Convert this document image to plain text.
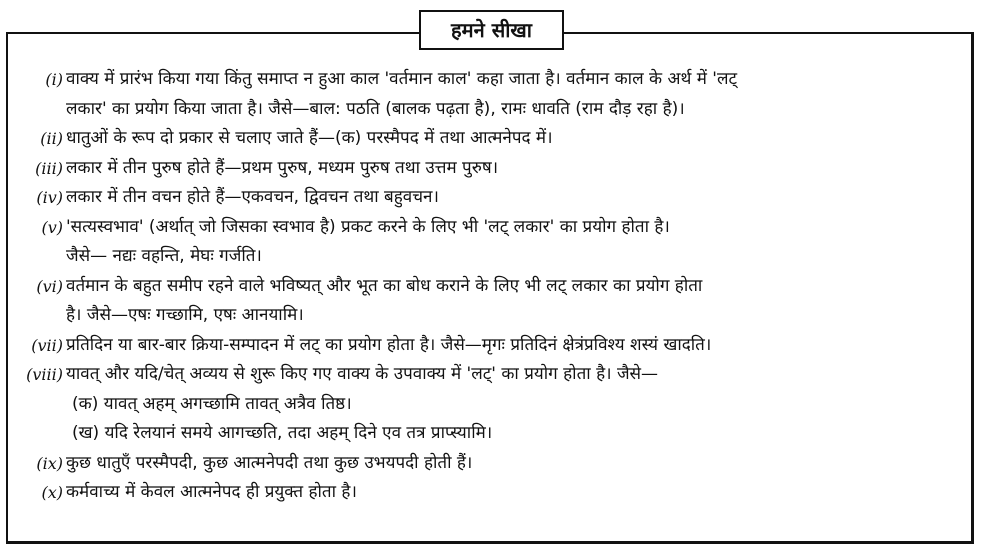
हमने सीखा
(i) वाक्य में प्रारंभ किया गया किंतु समाप्त न हुआ काल 'वर्तमान काल' कहा जाता है। वर्तमान काल के अर्थ में 'लट्
लकार' का प्रयोग किया जाता है। जैसे—बाल: पठति (बालक पढ़ता है), रामः धावति (राम दौड़ रहा है)।
(ii) धातुओं के रूप दो प्रकार से चलाए जाते हैं—(क) परस्मैपद में तथा आत्मनेपद में।
(iii) लकार में तीन पुरुष होते हैं—प्रथम पुरुष, मध्यम पुरुष तथा उत्तम पुरुष।
(iv) लकार में तीन वचन होते हैं—एकवचन, द्विवचन तथा बहुवचन।
(v) 'सत्यस्वभाव' (अर्थात् जो जिसका स्वभाव है) प्रकट करने के लिए भी 'लट् लकार' का प्रयोग होता है।
जैसे— नद्यः वहन्ति, मेघः गर्जति।
(vi) वर्तमान के बहुत समीप रहने वाले भविष्यत् और भूत का बोध कराने के लिए भी लट् लकार का प्रयोग होता
है। जैसे—एषः गच्छामि, एषः आनयामि।
(vii) प्रतिदिन या बार-बार क्रिया-सम्पादन में लट् का प्रयोग होता है। जैसे—मृगः प्रतिदिनं क्षेत्रंप्रविश्य शस्यं खादति।
(viii) यावत् और यदि/चेत् अव्यय से शुरू किए गए वाक्य के उपवाक्य में 'लट्' का प्रयोग होता है। जैसे—
(क) यावत् अहम् अगच्छामि तावत् अत्रैव तिष्ठ।
(ख) यदि रेलयानं समये आगच्छति, तदा अहम् दिने एव तत्र प्राप्स्यामि।
(ix) कुछ धातुएँ परस्मैपदी, कुछ आत्मनेपदी तथा कुछ उभयपदी होती हैं।
(x) कर्मवाच्य में केवल आत्मनेपद ही प्रयुक्त होता है।
